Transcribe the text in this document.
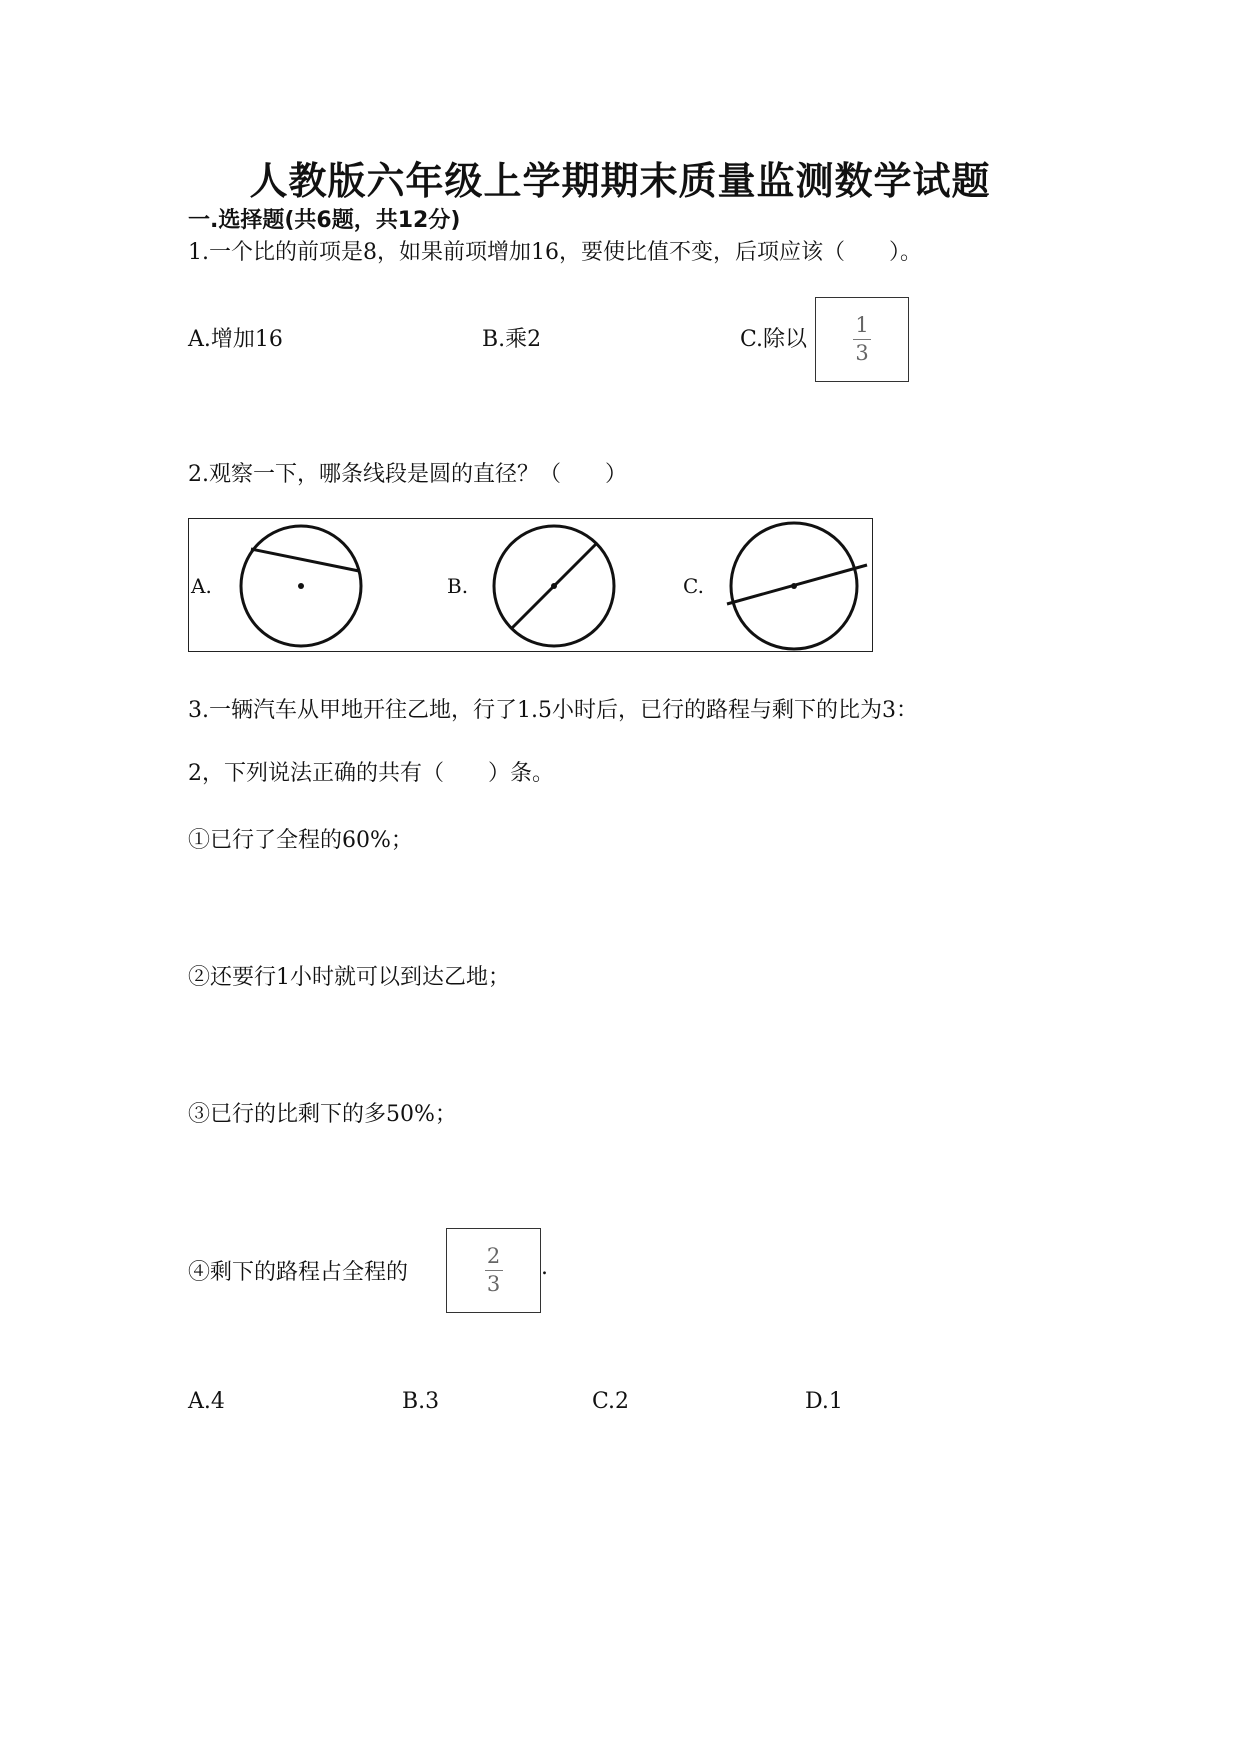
人教版六年级上学期期末质量监测数学试题
一.选择题(共6题，共12分)
1.一个比的前项是8，如果前项增加16，要使比值不变，后项应该（　　）。
A.增加16	B.乘2	C.除以
1
3
2.观察一下，哪条线段是圆的直径？（　　）
A.	B.	C.
3.一辆汽车从甲地开往乙地，行了1.5小时后，已行的路程与剩下的比为3：
2，下列说法正确的共有（　　）条。
①已行了全程的60%；
②还要行1小时就可以到达乙地；
③已行的比剩下的多50%；
④剩下的路程占全程的
2
3
.
A.4	B.3	C.2	D.1
